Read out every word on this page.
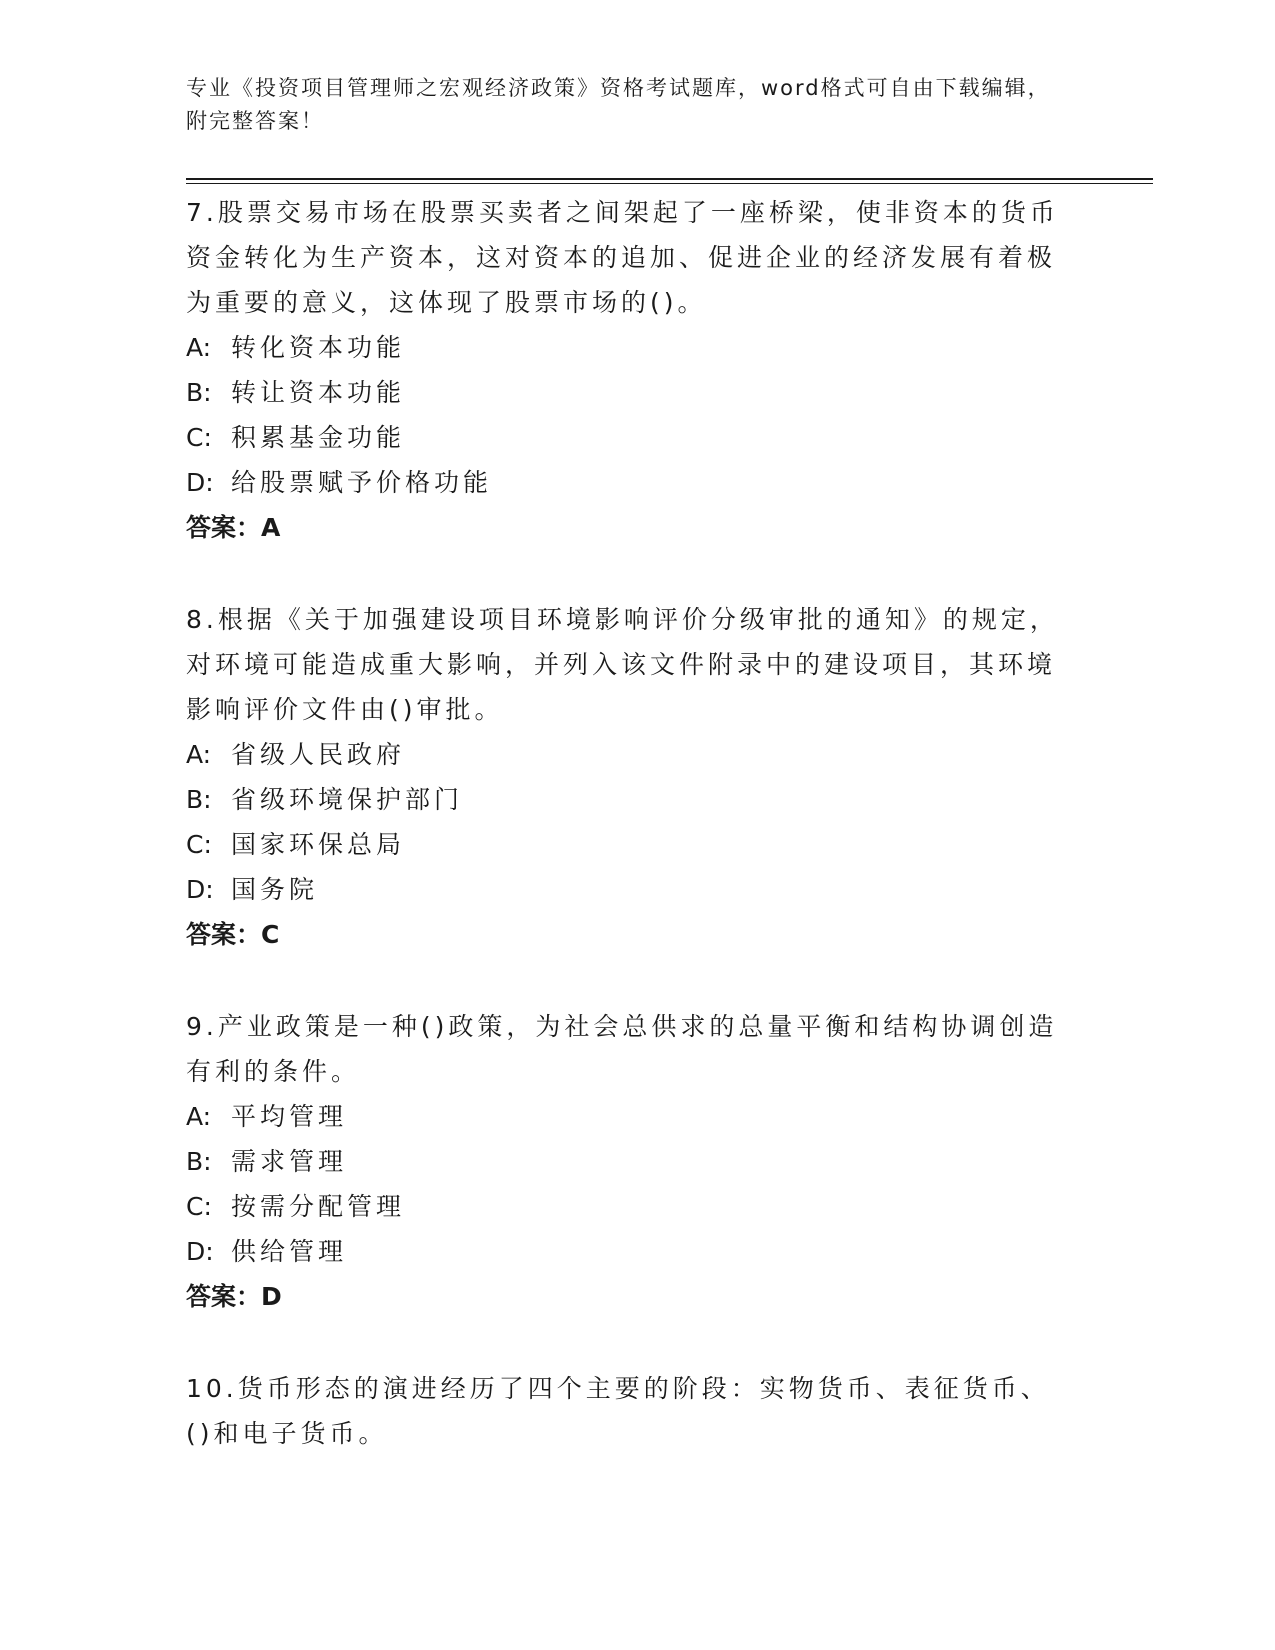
专业《投资项目管理师之宏观经济政策》资格考试题库，word格式可自由下载编辑，附完整答案！

7.股票交易市场在股票买卖者之间架起了一座桥梁，使非资本的货币资金转化为生产资本，这对资本的追加、促进企业的经济发展有着极为重要的意义，这体现了股票市场的()。

A: 转化资本功能
B: 转让资本功能
C: 积累基金功能
D: 给股票赋予价格功能

答案：A

8.根据《关于加强建设项目环境影响评价分级审批的通知》的规定，对环境可能造成重大影响，并列入该文件附录中的建设项目，其环境影响评价文件由()审批。

A: 省级人民政府
B: 省级环境保护部门
C: 国家环保总局
D: 国务院

答案：C

9.产业政策是一种()政策，为社会总供求的总量平衡和结构协调创造有利的条件。

A: 平均管理
B: 需求管理
C: 按需分配管理
D: 供给管理

答案：D

10.货币形态的演进经历了四个主要的阶段：实物货币、表征货币、()和电子货币。
